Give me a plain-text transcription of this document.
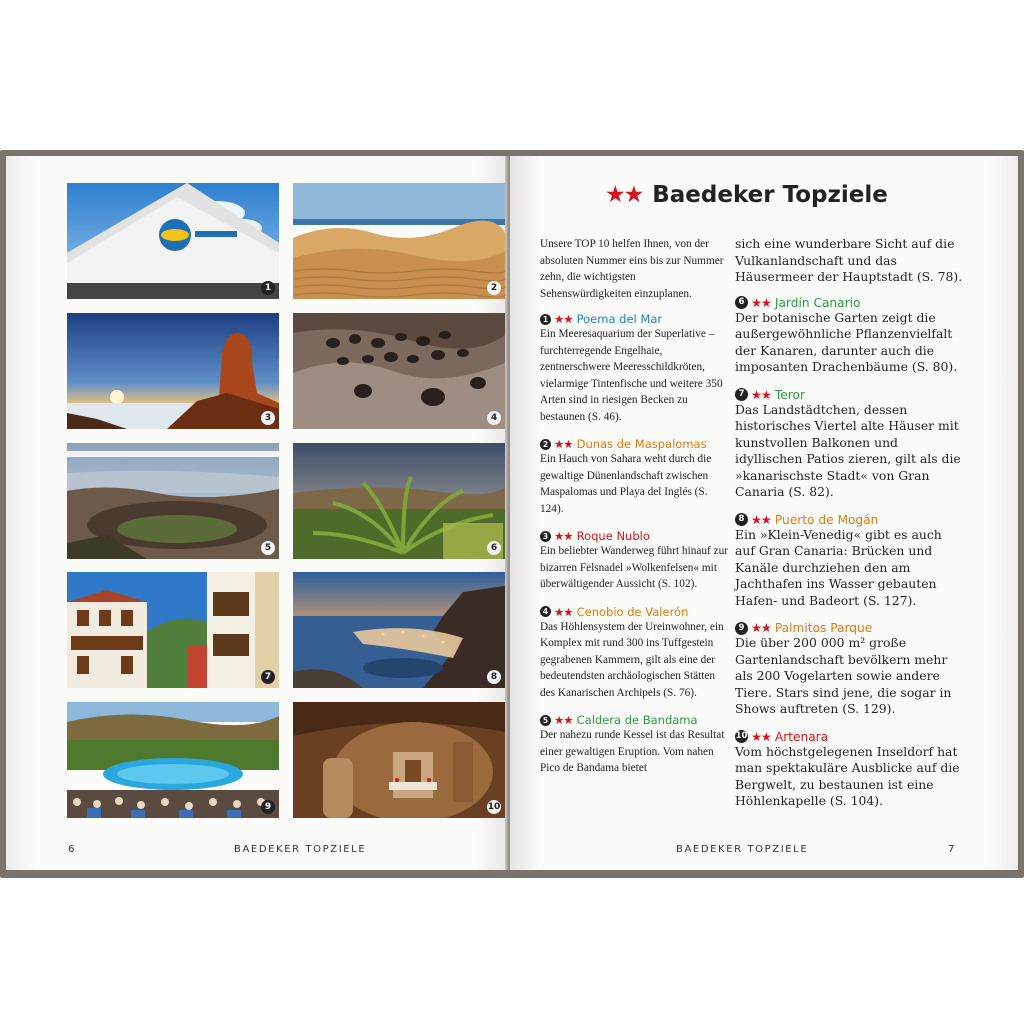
1	2
3	4
5	6
7	8
9	10
6	BAEDEKER TOPZIELE
★★ Baedeker Topziele

Unsere TOP 10 helfen Ihnen, von der absoluten Nummer eins bis zur Nummer zehn, die wichtigsten Sehenswürdigkeiten einzuplanen.

1 ★★ Poema del Mar

Ein Meeresaquarium der Superlative – furchterregende Engelhaie, zentnerschwere Meeresschildkröten, vielarmige Tintenfische und weitere 350 Arten sind in riesigen Becken zu bestaunen (S. 46).

2 ★★ Dunas de Maspalomas

Ein Hauch von Sahara weht durch die gewaltige Dünenlandschaft zwischen Maspalomas und Playa del Inglés (S. 124).

3 ★★ Roque Nublo

Ein beliebter Wanderweg führt hinauf zur bizarren Felsnadel »Wolkenfelsen« mit überwältigender Aussicht (S. 102).

4 ★★ Cenobio de Valerón

Das Höhlensystem der Ureinwohner, ein Komplex mit rund 300 ins Tuffgestein gegrabenen Kammern, gilt als eine der bedeutendsten archäologischen Stätten des Kanarischen Archipels (S. 76).

5 ★★ Caldera de Bandama

Der nahezu runde Kessel ist das Resultat einer gewaltigen Eruption. Vom nahen Pico de Bandama bietet

sich eine wunderbare Sicht auf die Vulkanlandschaft und das Häusermeer der Hauptstadt (S. 78).

6 ★★ Jardín Canario

Der botanische Garten zeigt die außergewöhnliche Pflanzenvielfalt der Kanaren, darunter auch die imposanten Drachenbäume (S. 80).

7 ★★ Teror

Das Landstädtchen, dessen historisches Viertel alte Häuser mit kunstvollen Balkonen und idyllischen Patios zieren, gilt als die »kanarischste Stadt« von Gran Canaria (S. 82).

8 ★★ Puerto de Mogán

Ein »Klein-Venedig« gibt es auch auf Gran Canaria: Brücken und Kanäle durchziehen den am Jachthafen ins Wasser gebauten Hafen- und Badeort (S. 127).

9 ★★ Palmitos Parque

Die über 200 000 m² große Gartenlandschaft bevölkern mehr als 200 Vogelarten sowie andere Tiere. Stars sind jene, die sogar in Shows auftreten (S. 129).

10 ★★ Artenara

Vom höchstgelegenen Inseldorf hat man spektakuläre Ausblicke auf die Bergwelt, zu bestaunen ist eine Höhlenkapelle (S. 104).

BAEDEKER TOPZIELE	7
